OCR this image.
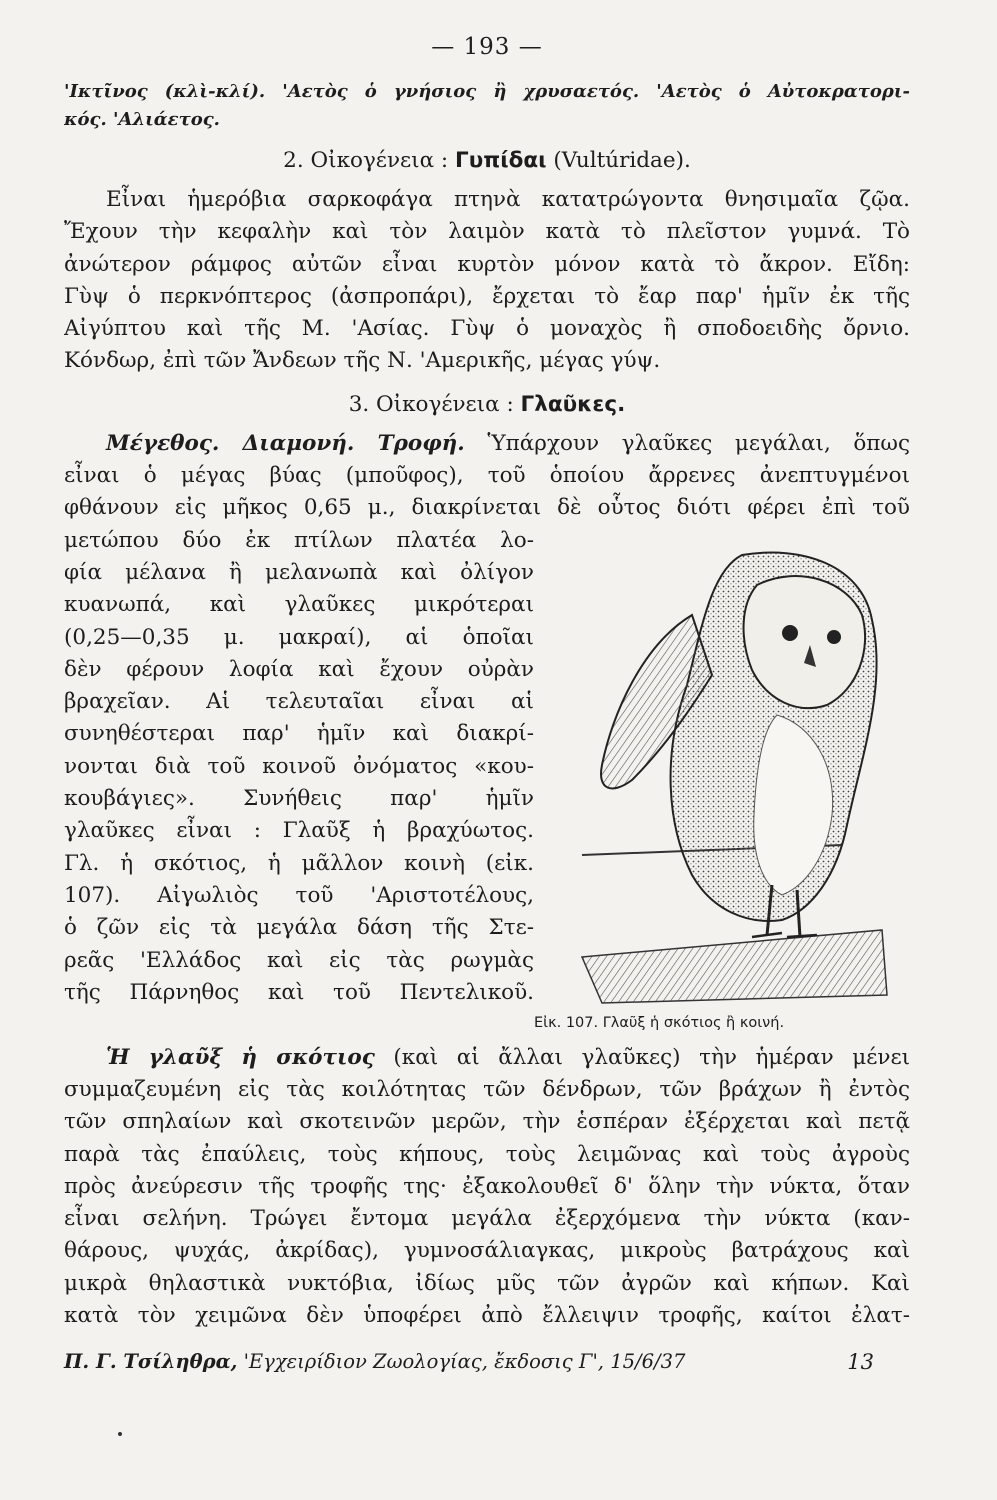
— 193 —
'Ικτῖνος (κλὶ-κλί). 'Αετὸς ὁ γνήσιος ἢ χρυσαετός. 'Αετὸς ὁ Αὐτοκρατορι-
κός. 'Αλιάετος.
2. Οἰκογένεια : Γυπίδαι (Vultúridae).
Εἶναι ἡμερόβια σαρκοφάγα πτηνὰ κατατρώγοντα θνησιμαῖα ζῷα.
Ἔχουν τὴν κεφαλὴν καὶ τὸν λαιμὸν κατὰ τὸ πλεῖστον γυμνά. Τὸ
ἀνώτερον ράμφος αὐτῶν εἶναι κυρτὸν μόνον κατὰ τὸ ἄκρον. Εἴδη:
Γὺψ ὁ περκνόπτερος (ἀσπροπάρι), ἔρχεται τὸ ἔαρ παρ' ἡμῖν ἐκ τῆς
Αἰγύπτου καὶ τῆς Μ. 'Ασίας. Γὺψ ὁ μοναχὸς ἢ σποδοειδὴς ὄρνιο.
Κόνδωρ, ἐπὶ τῶν Ἄνδεων τῆς Ν. 'Αμερικῆς, μέγας γύψ.
3. Οἰκογένεια : Γλαῦκες.
Μέγεθος. Διαμονή. Τροφή. Ὑπάρχουν γλαῦκες μεγάλαι, ὅπως
εἶναι ὁ μέγας βύας (μποῦφος), τοῦ ὁποίου ἄρρενες ἀνεπτυγμένοι
φθάνουν εἰς μῆκος 0,65 μ., διακρίνεται δὲ οὗτος διότι φέρει ἐπὶ τοῦ
μετώπου δύο ἐκ πτίλων πλατέα λο-
φία μέλανα ἢ μελανωπὰ καὶ ὀλίγον
κυανωπά, καὶ γλαῦκες μικρότεραι
(0,25—0,35 μ. μακραί), αἱ ὁποῖαι
δὲν φέρουν λοφία καὶ ἔχουν οὐρὰν
βραχεῖαν. Αἱ τελευταῖαι εἶναι αἱ
συνηθέστεραι παρ' ἡμῖν καὶ διακρί-
νονται διὰ τοῦ κοινοῦ ὀνόματος «κου-
κουβάγιες». Συνήθεις παρ' ἡμῖν
γλαῦκες εἶναι : Γλαῦξ ἡ βραχύωτος.
Γλ. ἡ σκότιος, ἡ μᾶλλον κοινὴ (εἰκ.
107). Αἰγωλιὸς τοῦ 'Αριστοτέλους,
ὁ ζῶν εἰς τὰ μεγάλα δάση τῆς Στε-
ρεᾶς 'Ελλάδος καὶ εἰς τὰς ρωγμὰς
τῆς Πάρνηθος καὶ τοῦ Πεντελικοῦ.
Εἰκ. 107. Γλαῦξ ἡ σκότιος ἢ κοινή.
Ἡ γλαῦξ ἡ σκότιος (καὶ αἱ ἄλλαι γλαῦκες) τὴν ἡμέραν μένει
συμμαζευμένη εἰς τὰς κοιλότητας τῶν δένδρων, τῶν βράχων ἢ ἐντὸς
τῶν σπηλαίων καὶ σκοτεινῶν μερῶν, τὴν ἑσπέραν ἐξέρχεται καὶ πετᾷ
παρὰ τὰς ἐπαύλεις, τοὺς κήπους, τοὺς λειμῶνας καὶ τοὺς ἀγροὺς
πρὸς ἀνεύρεσιν τῆς τροφῆς της· ἐξακολουθεῖ δ' ὅλην τὴν νύκτα, ὅταν
εἶναι σελήνη. Τρώγει ἔντομα μεγάλα ἐξερχόμενα τὴν νύκτα (καν-
θάρους, ψυχάς, ἀκρίδας), γυμνοσάλιαγκας, μικροὺς βατράχους καὶ
μικρὰ θηλαστικὰ νυκτόβια, ἰδίως μῦς τῶν ἀγρῶν καὶ κήπων. Καὶ
κατὰ τὸν χειμῶνα δὲν ὑποφέρει ἀπὸ ἔλλειψιν τροφῆς, καίτοι ἐλατ-
Π. Γ. Τσίληθρα, 'Εγχειρίδιον Ζωολογίας, ἔκδοσις Γ', 15/6/37	13
